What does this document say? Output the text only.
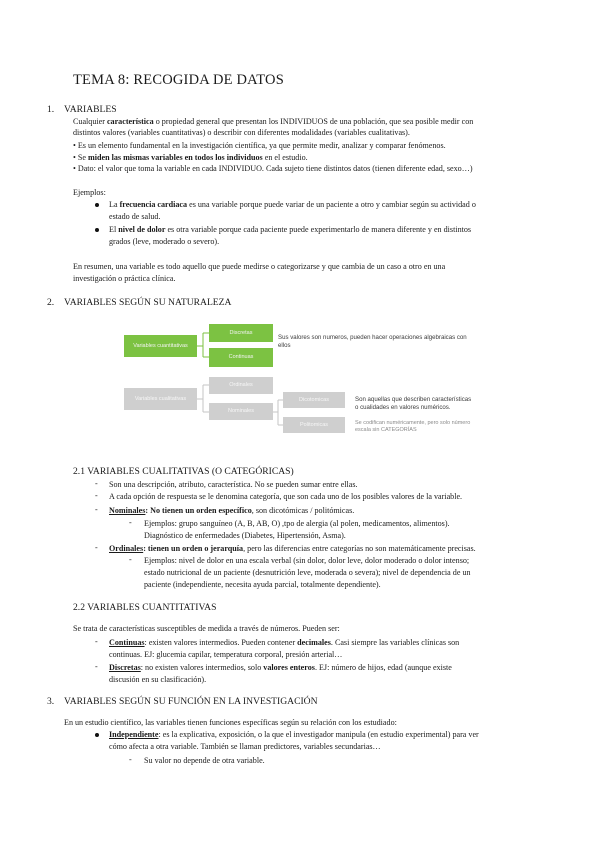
TEMA 8: RECOGIDA DE DATOS
1. VARIABLES
Cualquier característica o propiedad general que presentan los INDIVIDUOS de una población, que sea posible medir con
distintos valores (variables cuantitativas) o describir con diferentes modalidades (variables cualitativas).
• Es un elemento fundamental en la investigación científica, ya que permite medir, analizar y comparar fenómenos.
• Se miden las mismas variables en todos los individuos en el estudio.
• Dato: el valor que toma la variable en cada INDIVIDUO. Cada sujeto tiene distintos datos (tienen diferente edad, sexo…)
Ejemplos:
La frecuencia cardiaca es una variable porque puede variar de un paciente a otro y cambiar según su actividad o
estado de salud.
El nivel de dolor es otra variable porque cada paciente puede experimentarlo de manera diferente y en distintos
grados (leve, moderado o severo).
En resumen, una variable es todo aquello que puede medirse o categorizarse y que cambia de un caso a otro en una
investigación o práctica clínica.
2. VARIABLES SEGÚN SU NATURALEZA
Variables cuantitativas
Discretas
Continuas
Sus valores son numeros, pueden hacer operaciones algebraicas con ellos
Variables cualitativas
Ordinales
Nominales
Dicotomicas
Politomicas
Son aquellas que describen características o cualidades en valores numéricos.
Se codifican numéricamente, pero solo número escala sin CATEGORÍAS
2.1 VARIABLES CUALITATIVAS (O CATEGÓRICAS)
- Son una descripción, atributo, característica. No se pueden sumar entre ellas.
- A cada opción de respuesta se le denomina categoría, que son cada uno de los posibles valores de la variable.
- Nominales: No tienen un orden específico, son dicotómicas / politómicas.
- Ejemplos: grupo sanguíneo (A, B, AB, O) ,tpo de alergia (al polen, medicamentos, alimentos).
Diagnóstico de enfermedades (Diabetes, Hipertensión, Asma).
- Ordinales: tienen un orden o jerarquía, pero las diferencias entre categorías no son matemáticamente precisas.
- Ejemplos: nivel de dolor en una escala verbal (sin dolor, dolor leve, dolor moderado o dolor intenso;
estado nutricional de un paciente (desnutrición leve, moderada o severa); nivel de dependencia de un
paciente (independiente, necesita ayuda parcial, totalmente dependiente).
2.2 VARIABLES CUANTITATIVAS
Se trata de características susceptibles de medida a través de números. Pueden ser:
- Continuas: existen valores intermedios. Pueden contener decimales. Casi siempre las variables clínicas son
continuas. EJ: glucemia capilar, temperatura corporal, presión arterial…
- Discretas: no existen valores intermedios, solo valores enteros. EJ: número de hijos, edad (aunque existe
discusión en su clasificación).
3. VARIABLES SEGÚN SU FUNCIÓN EN LA INVESTIGACIÓN
En un estudio científico, las variables tienen funciones específicas según su relación con los estudiado:
Independiente: es la explicativa, exposición, o la que el investigador manipula (en estudio experimental) para ver
cómo afecta a otra variable. También se llaman predictores, variables secundarias…
- Su valor no depende de otra variable.
